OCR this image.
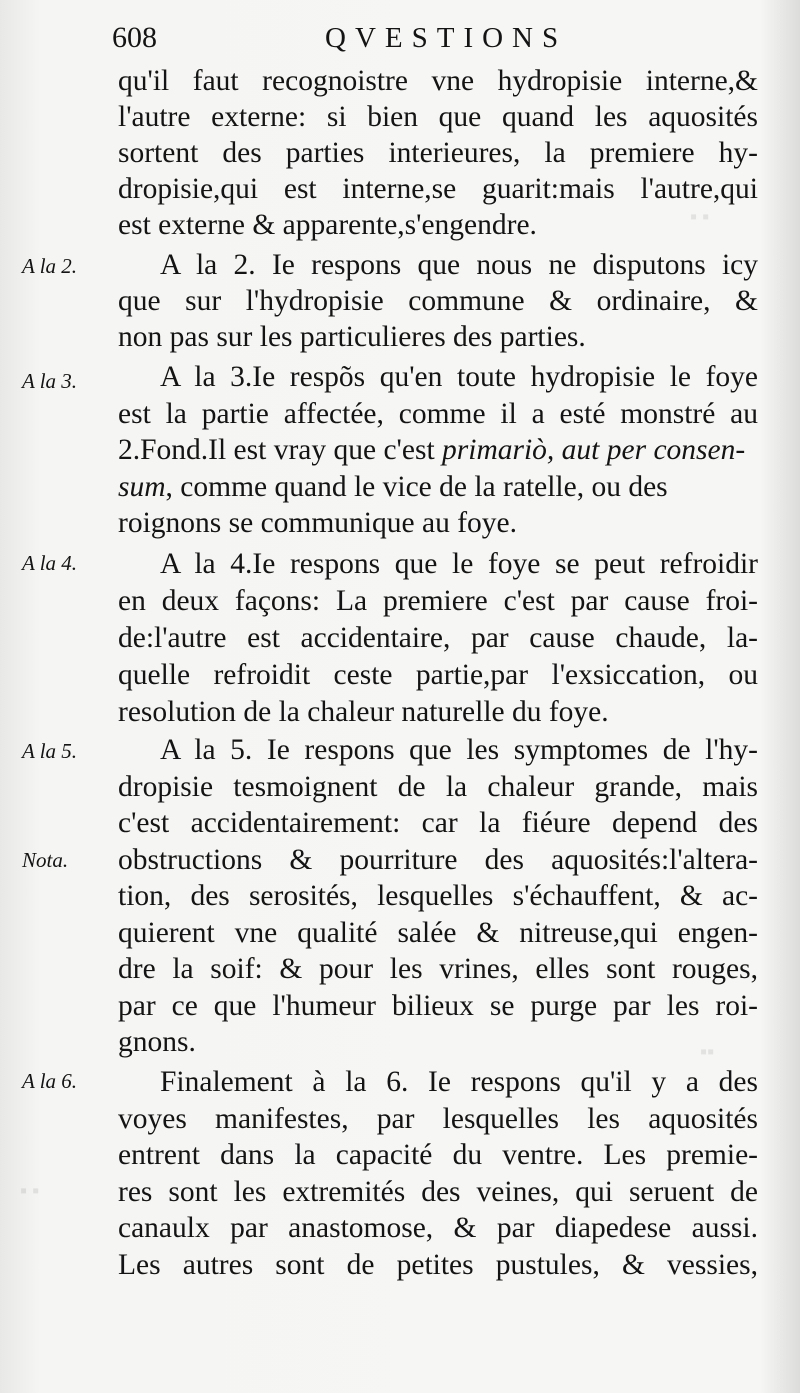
▪ ▪
▪▪
▪ ▪
608	QVESTIONS
qu'il faut recognoistre vne hydropisie interne,&
l'autre externe: si bien que quand les aquosités
sortent des parties interieures, la premiere hy-
dropisie,qui est interne,se guarit:mais l'autre,qui
est externe & apparente,s'engendre.
A la 2.	A la 2. Ie respons que nous ne disputons icy
que sur l'hydropisie commune & ordinaire, &
non pas sur les particulieres des parties.
A la 3.	A la 3.Ie respõs qu'en toute hydropisie le foye
est la partie affectée, comme il a esté monstré au
2.Fond.Il est vray que c'est primariò, aut per consen-
sum, comme quand le vice de la ratelle, ou des
roignons se communique au foye.
A la 4.	A la 4.Ie respons que le foye se peut refroidir
en deux façons: La premiere c'est par cause froi-
de:l'autre est accidentaire, par cause chaude, la-
quelle refroidit ceste partie,par l'exsiccation, ou
resolution de la chaleur naturelle du foye.
A la 5.
Nota.
A la 5. Ie respons que les symptomes de l'hy-
dropisie tesmoignent de la chaleur grande, mais
c'est accidentairement: car la fiéure depend des
obstructions & pourriture des aquosités:l'altera-
tion, des serosités, lesquelles s'échauffent, & ac-
quierent vne qualité salée & nitreuse,qui engen-
dre la soif: & pour les vrines, elles sont rouges,
par ce que l'humeur bilieux se purge par les roi-
gnons.
A la 6.	Finalement à la 6. Ie respons qu'il y a des
voyes manifestes, par lesquelles les aquosités
entrent dans la capacité du ventre. Les premie-
res sont les extremités des veines, qui seruent de
canaulx par anastomose, & par diapedese aussi.
Les autres sont de petites pustules, & vessies,
